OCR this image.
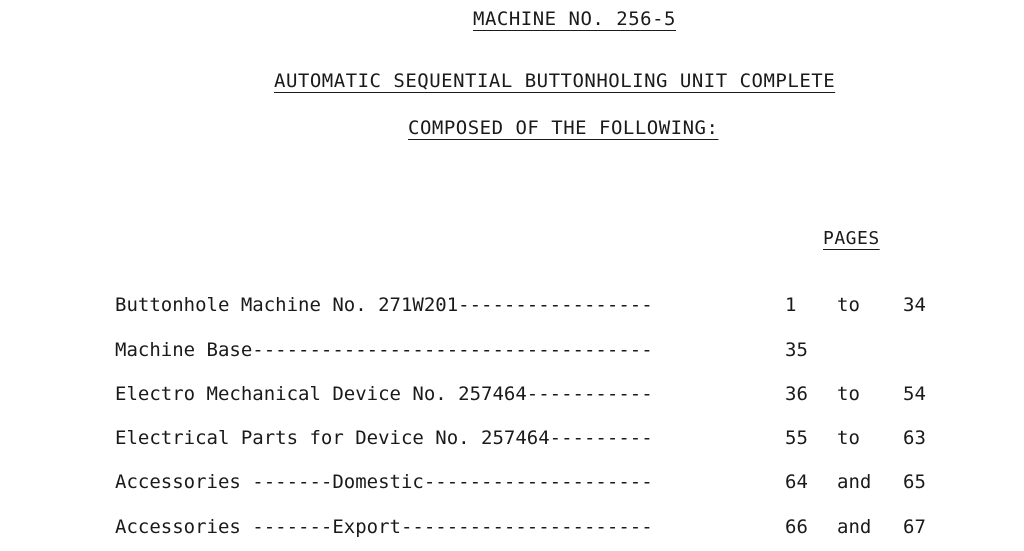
MACHINE NO. 256-5
AUTOMATIC SEQUENTIAL BUTTONHOLING UNIT COMPLETE
COMPOSED OF THE FOLLOWING:
PAGES
Buttonhole Machine No. 271W201-----------------	1 to 34
Machine Base-----------------------------------	35
Electro Mechanical Device No. 257464-----------	36 to 54
Electrical Parts for Device No. 257464---------	55 to 63
Accessories -------Domestic--------------------	64 and 65
Accessories -------Export----------------------	66 and 67
